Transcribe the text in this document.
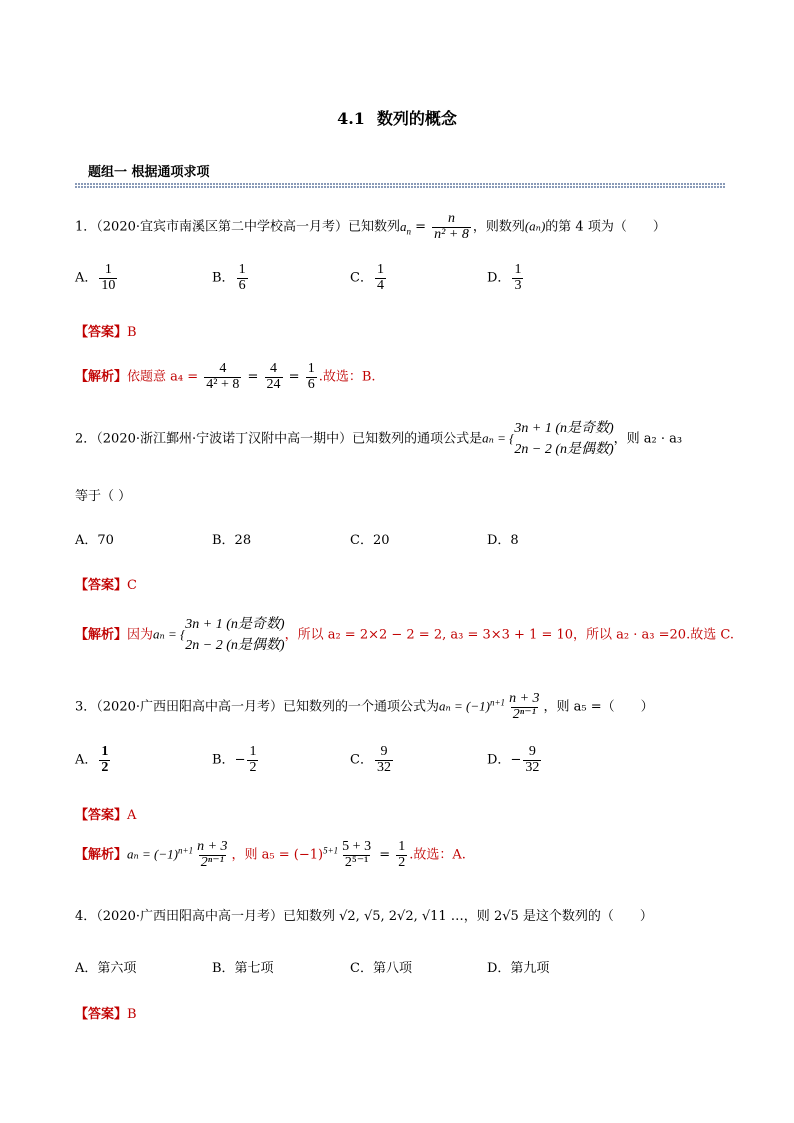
4.1 数列的概念
题组一 根据通项求项
1．（2020·宜宾市南溪区第二中学校高一月考）已知数列$a_n = \frac{n}{\text{n² + 8}}$ ，则数列(aₙ)的第 4 项为（　　）
A． $\frac{1}{10}$	B． $\frac{1}{6}$	C． $\frac{1}{4}$	D． $\frac{1}{3}$
【答案】B
【解析】依题意 $a_4 = \frac{4}{\text{4² + 8}} = \frac{4}{24} = \frac{1}{6}$ .故选：B.
2．（2020·浙江鄞州·宁波诺丁汉附中高一期中）已知数列的通项公式是aₙ = {
3n + 1 (n是奇数)
2n − 2 (n是偶数)
，则 a₂ · a₃
等于（ ）
A．70	B．28	C．20	D．8
【答案】C
【解析】因为aₙ = {
3n + 1 (n是奇数)
2n − 2 (n是偶数)
，所以 a₂ = 2×2 − 2 = 2, a₃ = 3×3 + 1 = 10，所以 a₂ · a₃ =20.故选 C.
3．（2020·广西田阳高中高一月考）已知数列的一个通项公式为$a_n = (-1)^{n+1} \frac{n + 3}{\text{2ⁿ⁻¹}}$ ，则 a₅ =（　　）
A． $\frac{1}{2}$	B．− $\frac{1}{2}$	C． $\frac{9}{32}$	D．− $\frac{9}{32}$
【答案】A
【解析】$a_n = (-1)^{n+1} \frac{n + 3}{\text{2ⁿ⁻¹}}$ ，则 $a_5 = (-1)^{5+1} \frac{5 + 3}{\text{2⁵⁻¹}} = \frac{1}{2}$ .故选：A.
4．（2020·广西田阳高中高一月考）已知数列 √2, √5, 2√2, √11 …，则 2√5 是这个数列的（　　）
A．第六项	B．第七项	C．第八项	D．第九项
【答案】B
